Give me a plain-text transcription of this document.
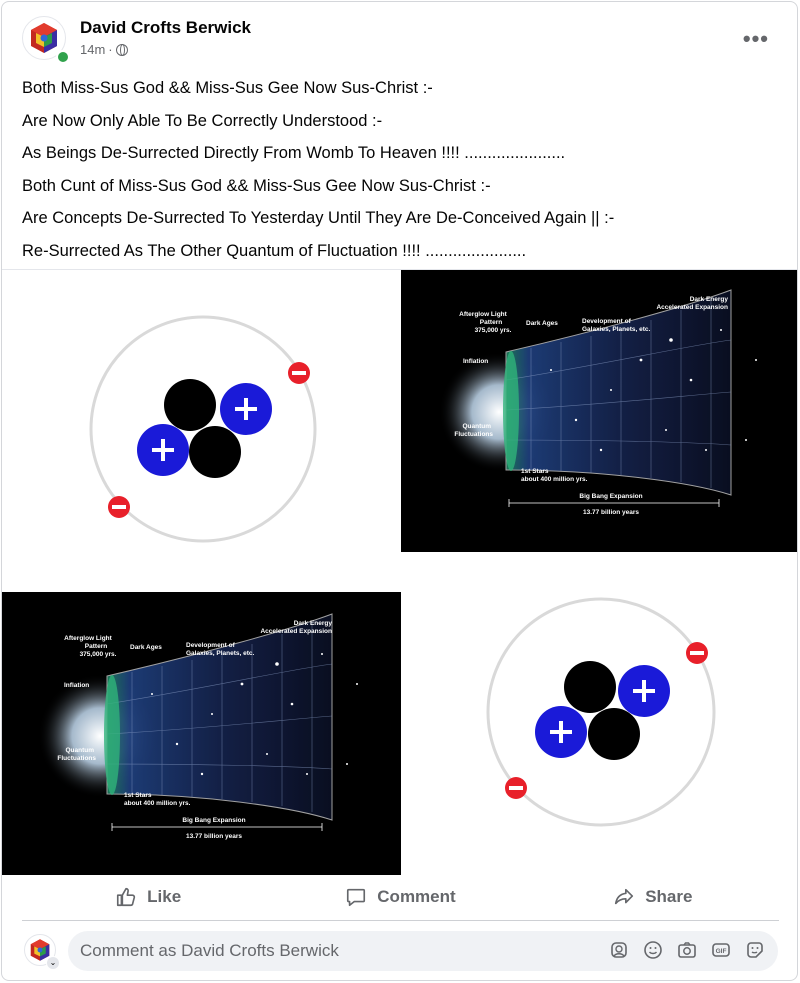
David Crofts Berwick
14m ·	•••

Both Miss-Sus God && Miss-Sus Gee Now Sus-Christ :-

Are Now Only Able To Be Correctly Understood :-

As Beings De-Surrected Directly From Womb To Heaven !!!! ......................

Both Cunt of Miss-Sus God && Miss-Sus Gee Now Sus-Christ :-

Are Concepts De-Surrected To Yesterday Until They Are De-Conceived Again || :-

Re-Surrected As The Other Quantum of Fluctuation !!!! ......................

Afterglow Light
Pattern
375,000 yrs.
Dark Ages	Development of
Galaxies, Planets, etc.
Dark Energy
Accelerated Expansion
Inflation
Quantum
Fluctuations
1st Stars
about 400 million yrs.
Big Bang Expansion
13.77 billion years
Afterglow Light
Pattern
375,000 yrs.
Dark Ages	Development of
Galaxies, Planets, etc.
Dark Energy
Accelerated Expansion
Inflation
Quantum
Fluctuations
1st Stars
about 400 million yrs.
Big Bang Expansion
13.77 billion years
Like	Comment	Share
⌄
Comment as David Crofts Berwick	GIF
